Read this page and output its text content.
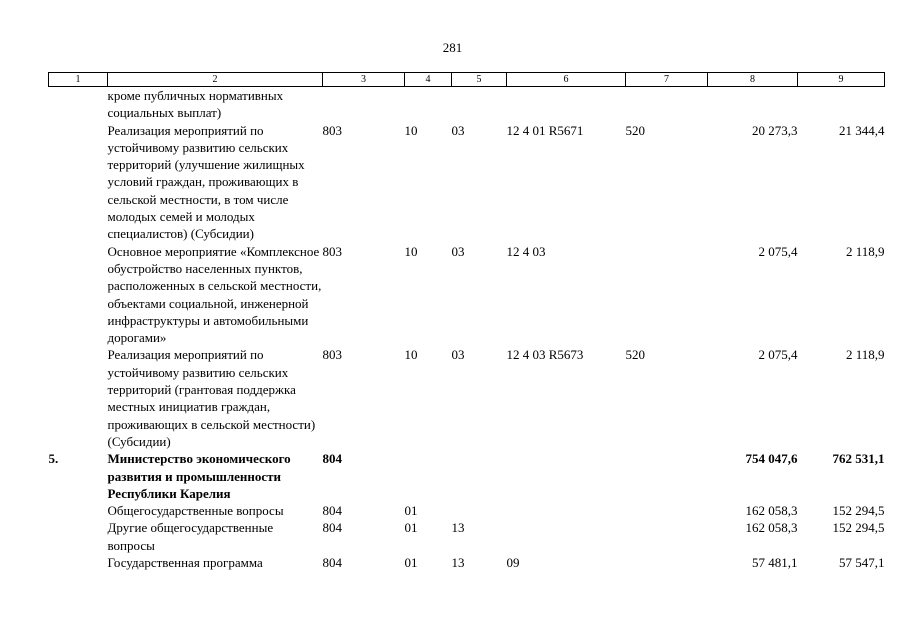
281
1	2	3	4	5	6	7	8	9
	кроме публичных нормативных социальных выплат)							
	Реализация мероприятий по устойчивому развитию сельских территорий (улучшение жилищных условий граждан, проживающих в сельской местности, в том числе молодых семей и молодых специалистов) (Субсидии)	803	10	03	12 4 01 R5671	520	20 273,3	21 344,4
	Основное мероприятие «Комплексное обустройство населенных пунктов, расположенных в сельской местности, объектами социальной, инженерной инфраструктуры и автомобильными дорогами»	803	10	03	12 4 03		2 075,4	2 118,9
	Реализация мероприятий по устойчивому развитию сельских территорий (грантовая поддержка местных инициатив граждан, проживающих в сельской местности) (Субсидии)	803	10	03	12 4 03 R5673	520	2 075,4	2 118,9
5.	Министерство экономического развития и промышленности Республики Карелия	804					754 047,6	762 531,1
	Общегосударственные вопросы	804	01				162 058,3	152 294,5
	Другие общегосударственные вопросы	804	01	13			162 058,3	152 294,5
	Государственная программа	804	01	13	09		57 481,1	57 547,1
